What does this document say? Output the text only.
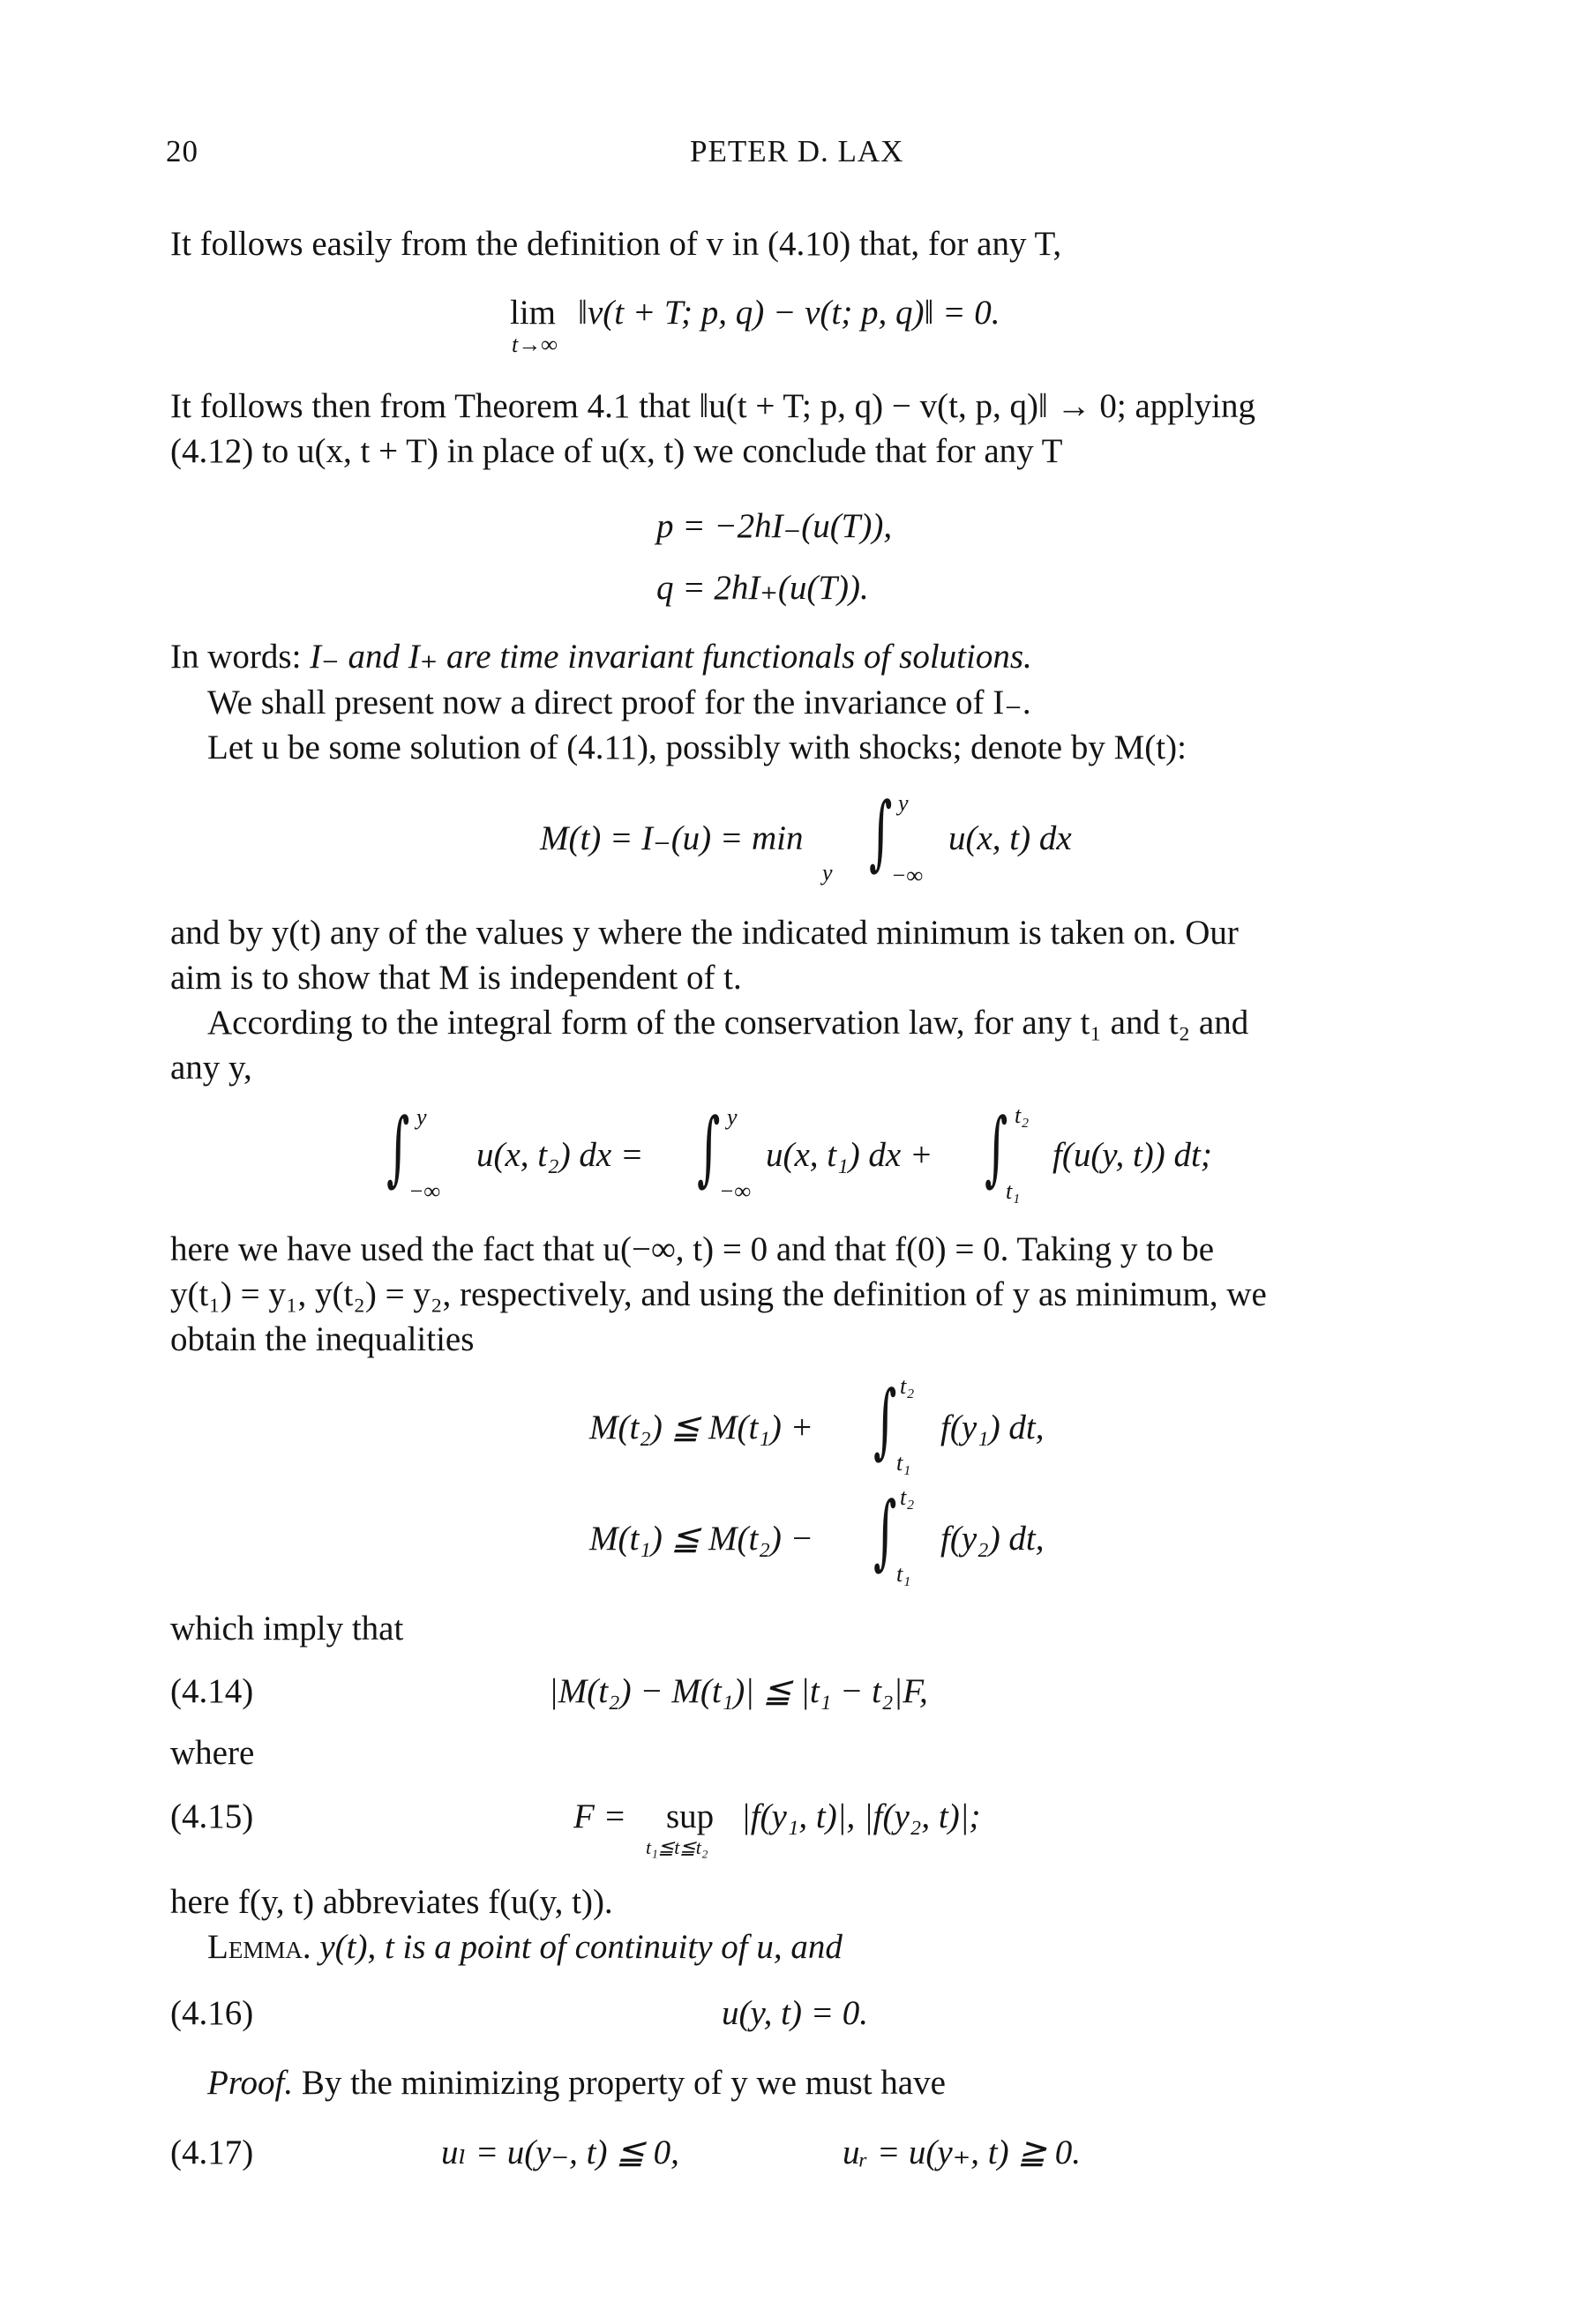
20	PETER D. LAX
It follows easily from the definition of v in (4.10) that, for any T,
lim
t→∞
‖v(t + T; p, q) − v(t; p, q)‖ = 0.
It follows then from Theorem 4.1 that ‖u(t + T; p, q) − v(t, p, q)‖ → 0; applying
(4.12) to u(x, t + T) in place of u(x, t) we conclude that for any T
p = −2hI₋(u(T)),
q = 2hI₊(u(T)).
In words: I₋ and I₊ are time invariant functionals of solutions.
We shall present now a direct proof for the invariance of I₋.
Let u be some solution of (4.11), possibly with shocks; denote by M(t):
M(t) = I₋(u) = min
y ∫ y
−∞
u(x, t) dx
and by y(t) any of the values y where the indicated minimum is taken on. Our
aim is to show that M is independent of t.
According to the integral form of the conservation law, for any t₁ and t₂ and
any y,
∫ y
−∞
u(x, t₂) dx = ∫ y
−∞
u(x, t₁) dx + ∫ t₂
t₁
f(u(y, t)) dt;
here we have used the fact that u(−∞, t) = 0 and that f(0) = 0. Taking y to be
y(t₁) = y₁, y(t₂) = y₂, respectively, and using the definition of y as minimum, we
obtain the inequalities
M(t₂) ≦ M(t₁) + ∫ t₂
t₁
f(y₁) dt,
M(t₁) ≦ M(t₂) − ∫ t₂
t₁
f(y₂) dt,
which imply that
(4.14)	|M(t₂) − M(t₁)| ≦ |t₁ − t₂|F,
where
(4.15)	F = sup
t₁≦t≦t₂
|f(y₁, t)|, |f(y₂, t)|;
here f(y, t) abbreviates f(u(y, t)).
Lemma. y(t), t is a point of continuity of u, and
(4.16)	u(y, t) = 0.
Proof. By the minimizing property of y we must have
(4.17)	uₗ = u(y₋, t) ≦ 0,	uᵣ = u(y₊, t) ≧ 0.
